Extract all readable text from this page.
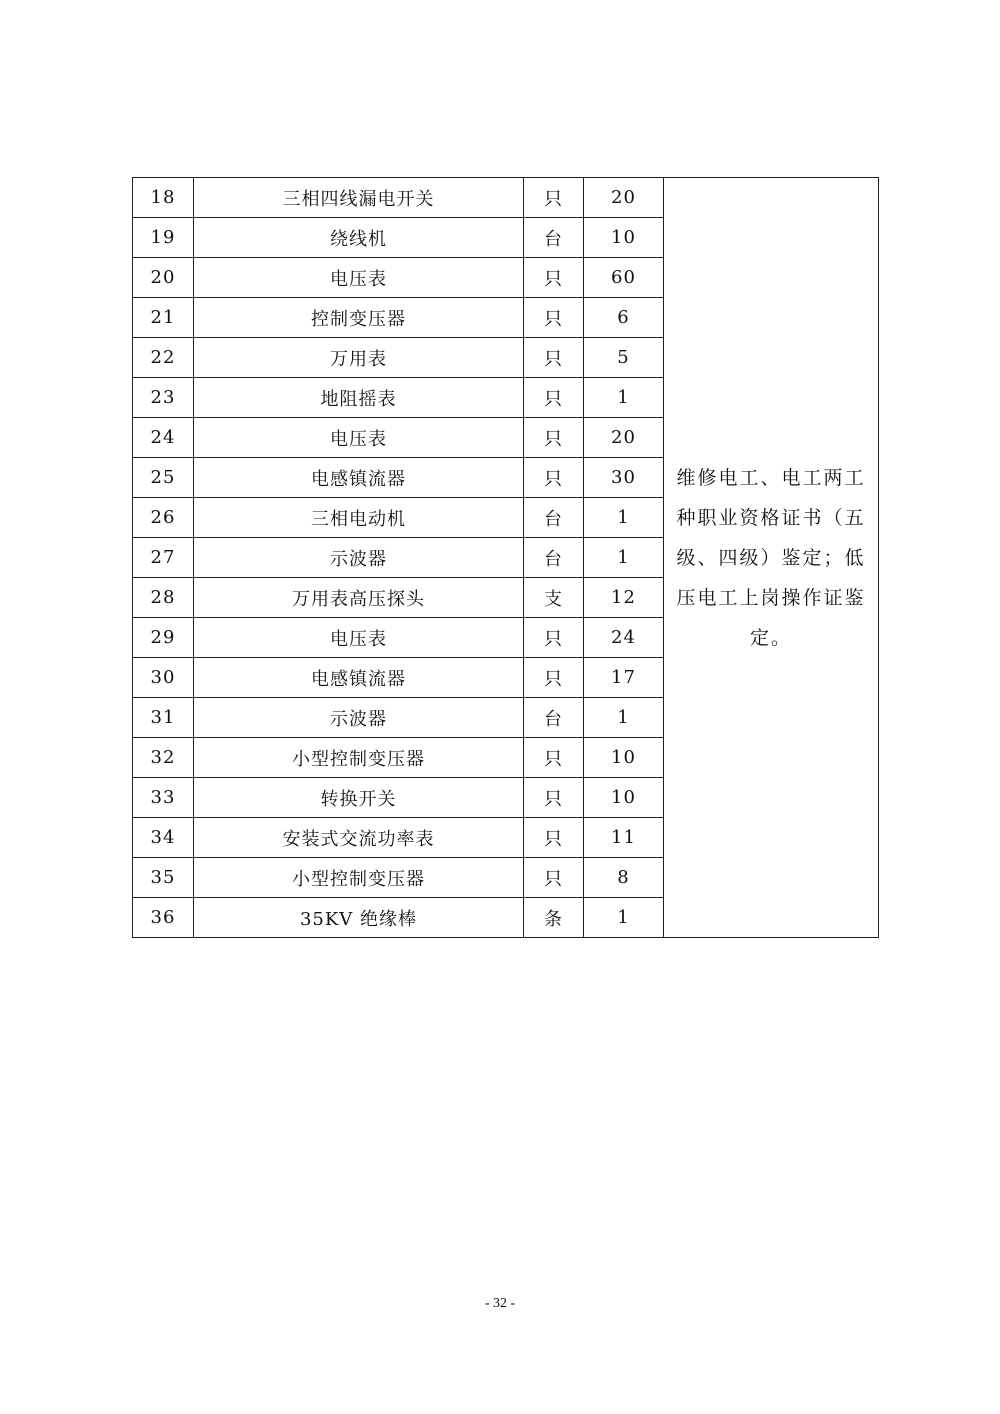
18	三相四线漏电开关	只	20	维修电工、电工两工种职业资格证书（五级、四级）鉴定；低压电工上岗操作证鉴定。
19	绕线机	台	10	
20	电压表	只	60	
21	控制变压器	只	6	
22	万用表	只	5	
23	地阻摇表	只	1	
24	电压表	只	20	
25	电感镇流器	只	30	
26	三相电动机	台	1	
27	示波器	台	1	
28	万用表高压探头	支	12	
29	电压表	只	24	
30	电感镇流器	只	17	
31	示波器	台	1	
32	小型控制变压器	只	10	
33	转换开关	只	10	
34	安装式交流功率表	只	11	
35	小型控制变压器	只	8	
36	35KV 绝缘棒	条	1	
- 32 -
